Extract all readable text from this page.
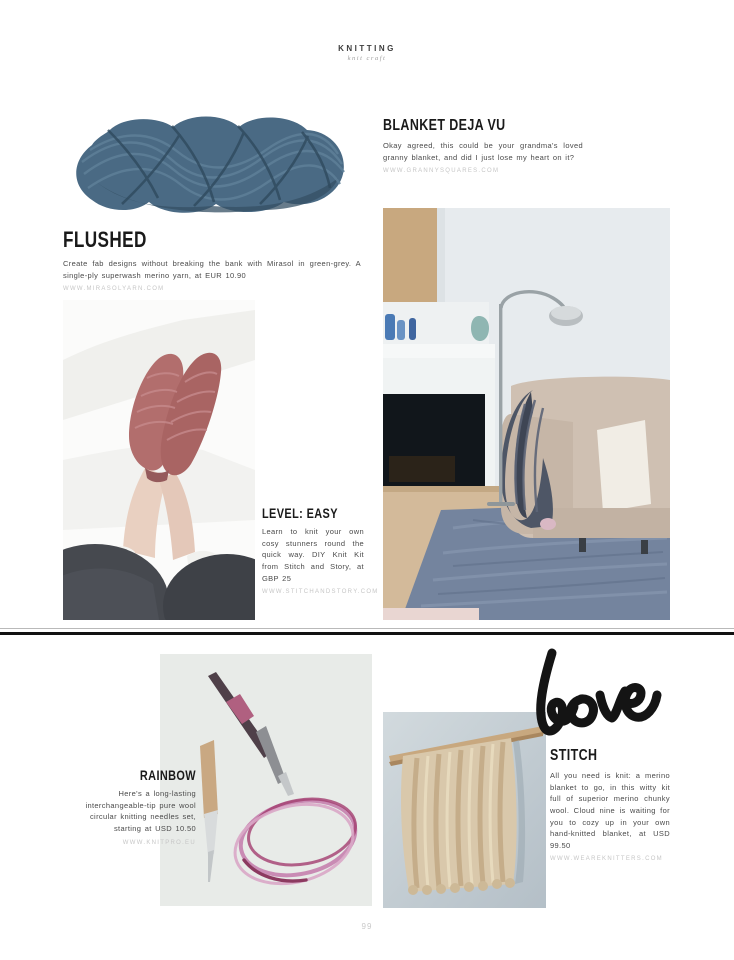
KNITTING
knit craft
FLUSHED

Create fab designs without breaking the bank with Mirasol in green-grey. A single-ply superwash merino yarn, at EUR 10.90

WWW.MIRASOLYARN.COM
BLANKET DEJA VU

Okay agreed, this could be your grandma's loved granny blanket, and did I just lose my heart on it?

WWW.GRANNYSQUARES.COM
LEVEL: EASY

Learn to knit your own cosy stunners round the quick way. DIY Knit Kit from Stitch and Story, at GBP 25

WWW.STITCHANDSTORY.COM
RAINBOW

Here's a long-lasting interchangeable-tip pure wool circular knitting needles set, starting at USD 10.50

WWW.KNITPRO.EU
STITCH

All you need is knit: a merino blanket to go, in this witty kit full of superior merino chunky wool. Cloud nine is waiting for you to cozy up in your own hand-knitted blanket, at USD 99.50

WWW.WEAREKNITTERS.COM
99
